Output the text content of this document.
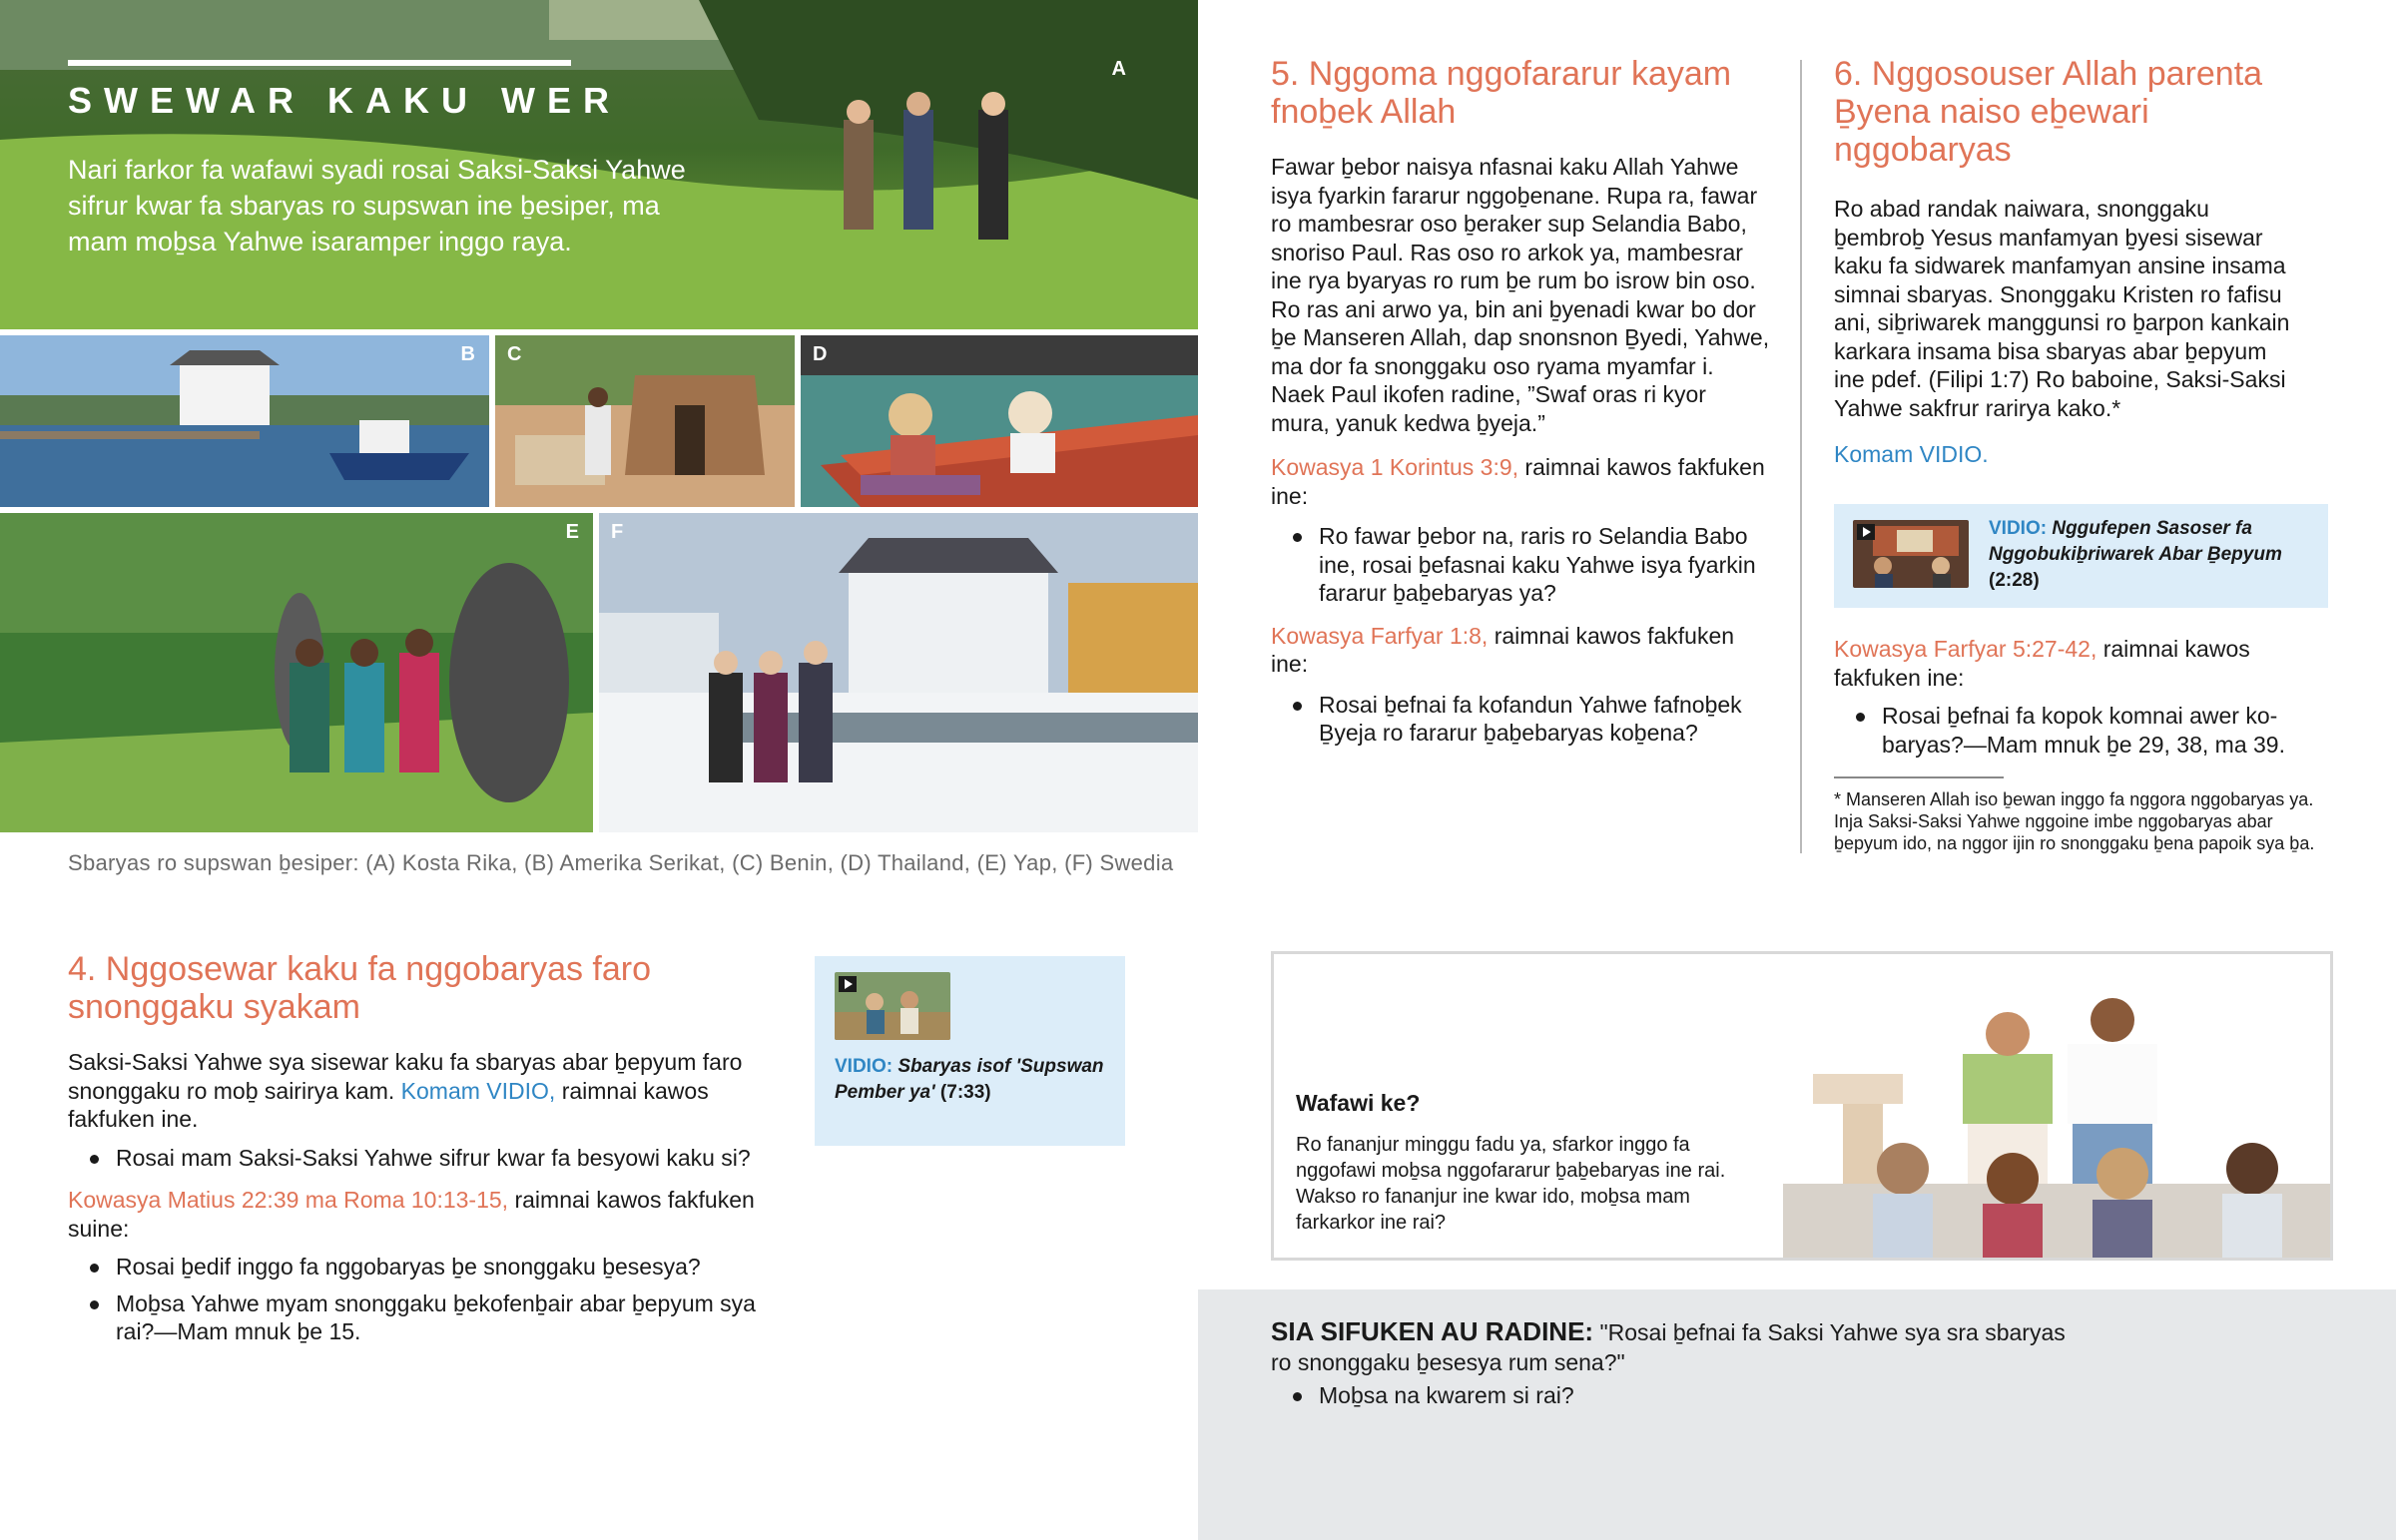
SWEWAR KAKU WER
Nari farkor fa wafawi syadi rosai Saksi-Saksi Yahwe sifrur kwar fa sbaryas ro supswan ine ḇesiper, ma mam moḇsa Yahwe isaramper inggo raya.
A
B C	D
E F
Sbaryas ro supswan ḇesiper: (A) Kosta Rika, (B) Amerika Serikat, (C) Benin, (D) Thailand, (E) Yap, (F) Swedia
4. Nggosewar kaku fa nggobaryas faro snonggaku syakam

Saksi-Saksi Yahwe sya sisewar kaku fa sbaryas abar ḇepyum faro snonggaku ro moḇ sairirya kam. Komam VIDIO, raimnai kawos fakfuken ine.

Rosai mam Saksi-Saksi Yahwe sifrur kwar fa besyowi kaku si?

Kowasya Matius 22:39 ma Roma 10:13-15, raimnai kawos fakfuken suine:

Rosai ḇedif inggo fa nggobaryas ḇe snonggaku ḇesesya?
Moḇsa Yahwe myam snonggaku ḇekofenḇair abar ḇepyum sya rai?—Mam mnuk ḇe 15.
VIDIO: Sbaryas isof 'Supswan Pember ya' (7:33)
5. Nggoma nggofararur kayam fnoḇek Allah

Fawar ḇebor naisya nfasnai kaku Allah Yahwe isya fyarkin fararur nggoḇenane. Rupa ra, fawar ro mambesrar oso ḇeraker sup Selandia Babo, snoriso Paul. Ras oso ro arkok ya, mambesrar ine rya byaryas ro rum ḇe rum bo isrow bin oso. Ro ras ani arwo ya, bin ani ḇyenadi kwar bo dor ḇe Manseren Allah, dap snonsnon Ḇyedi, Yahwe, ma dor fa snonggaku oso ryama myamfar i. Naek Paul ikofen radine, ”Swaf oras ri kyor mura, yanuk kedwa ḇyeja.”

Kowasya 1 Korintus 3:9, raimnai kawos fakfuken ine:

Ro fawar ḇebor na, raris ro Selandia Babo ine, rosai ḇefasnai kaku Yahwe isya fyarkin fararur ḇaḇebaryas ya?

Kowasya Farfyar 1:8, raimnai kawos fakfuken ine:

Rosai ḇefnai fa kofandun Yahwe fafnoḇek Ḇyeja ro fararur ḇaḇebaryas koḇena?
6. Nggosouser Allah parenta Ḇyena naiso eḇewari nggobaryas

Ro abad randak naiwara, snonggaku ḇembroḇ Yesus manfamyan ḇyesi sisewar kaku fa sidwarek manfamyan ansine insama simnai sbaryas. Snonggaku Kristen ro fafisu ani, siḇriwarek manggunsi ro ḇarpon kankain karkara insama bisa sbaryas abar ḇepyum ine pdef. (Filipi 1:7) Ro baboine, Saksi-Saksi Yahwe sakfrur rarirya kako.*

Komam VIDIO.

VIDIO: Nggufepen Sasoser fa Nggobukiḇriwarek Abar Ḇepyum (2:28)

Kowasya Farfyar 5:27-42, raimnai kawos fakfuken ine:

Rosai ḇefnai fa kopok komnai awer kobaryas?—Mam mnuk ḇe 29, 38, ma 39.
* Manseren Allah iso ḇewan inggo fa nggora nggobaryas ya. Inja Saksi-Saksi Yahwe nggoine imbe nggobaryas abar ḇepyum ido, na nggor ijin ro snonggaku ḇena papoik sya ḇa.
Wafawi ke?
Ro fananjur minggu fadu ya, sfarkor inggo fa nggofawi moḇsa nggofararur ḇaḇebaryas ine rai. Wakso ro fananjur ine kwar ido, moḇsa mam farkarkor ine rai?
SIA SIFUKEN AU RADINE: "Rosai ḇefnai fa Saksi Yahwe sya sra sbaryas ro snonggaku ḇesesya rum sena?"
Moḇsa na kwarem si rai?
